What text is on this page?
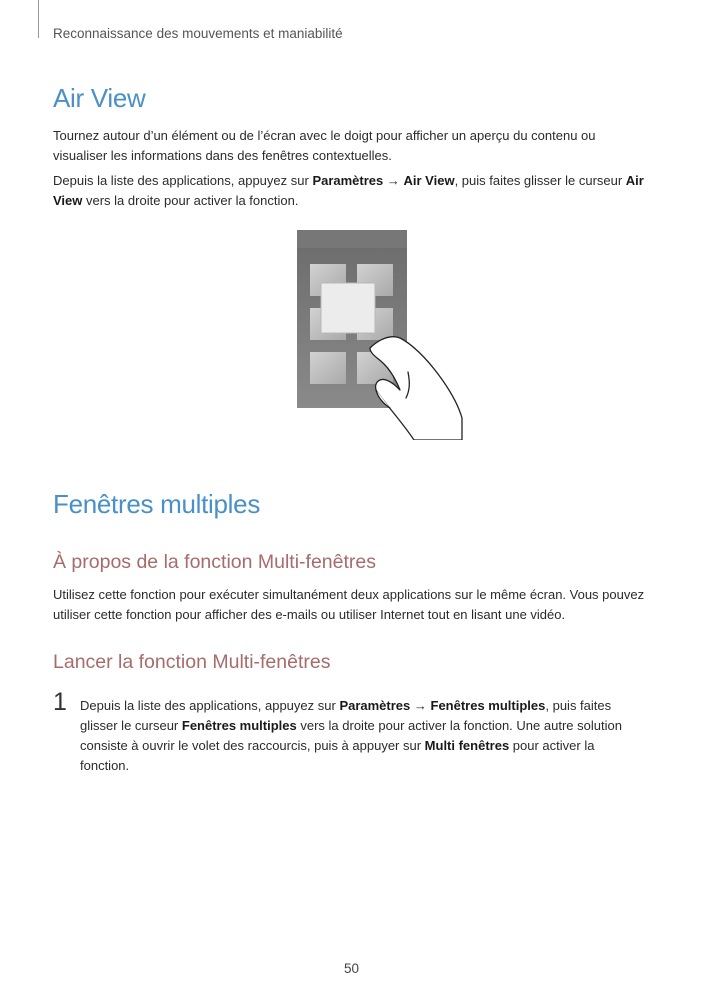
Reconnaissance des mouvements et maniabilité
Air View

Tournez autour d’un élément ou de l’écran avec le doigt pour afficher un aperçu du contenu ou visualiser les informations dans des fenêtres contextuelles.

Depuis la liste des applications, appuyez sur Paramètres → Air View, puis faites glisser le curseur Air View vers la droite pour activer la fonction.

Fenêtres multiples
À propos de la fonction Multi-fenêtres

Utilisez cette fonction pour exécuter simultanément deux applications sur le même écran. Vous pouvez utiliser cette fonction pour afficher des e-mails ou utiliser Internet tout en lisant une vidéo.

Lancer la fonction Multi-fenêtres
1 Depuis la liste des applications, appuyez sur Paramètres → Fenêtres multiples, puis faites glisser le curseur Fenêtres multiples vers la droite pour activer la fonction. Une autre solution consiste à ouvrir le volet des raccourcis, puis à appuyer sur Multi fenêtres pour activer la fonction.

50
